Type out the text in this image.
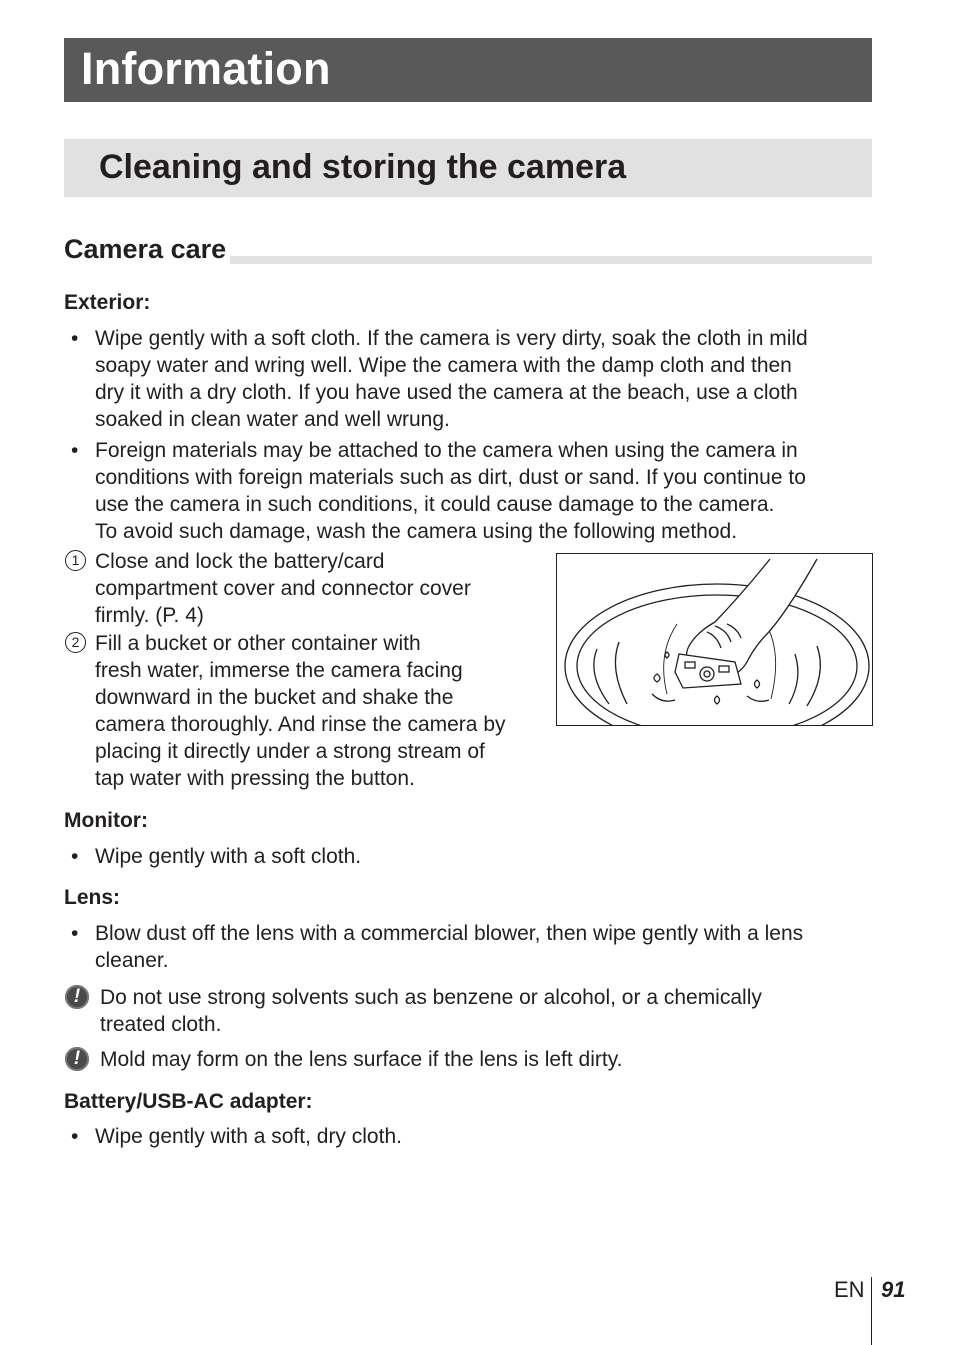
Information
Cleaning and storing the camera
Camera care
Exterior:
• Wipe gently with a soft cloth. If the camera is very dirty, soak the cloth in mild
soapy water and wring well. Wipe the camera with the damp cloth and then
dry it with a dry cloth. If you have used the camera at the beach, use a cloth
soaked in clean water and well wrung.
• Foreign materials may be attached to the camera when using the camera in
conditions with foreign materials such as dirt, dust or sand. If you continue to
use the camera in such conditions, it could cause damage to the camera.
To avoid such damage, wash the camera using the following method.
1 Close and lock the battery/card
compartment cover and connector cover
firmly. (P. 4)
2 Fill a bucket or other container with
fresh water, immerse the camera facing
downward in the bucket and shake the
camera thoroughly. And rinse the camera by
placing it directly under a strong stream of
tap water with pressing the button.
Monitor:
• Wipe gently with a soft cloth.
Lens:
• Blow dust off the lens with a commercial blower, then wipe gently with a lens
cleaner.
! Do not use strong solvents such as benzene or alcohol, or a chemically
treated cloth.
! Mold may form on the lens surface if the lens is left dirty.
Battery/USB-AC adapter:
• Wipe gently with a soft, dry cloth.
EN 91
